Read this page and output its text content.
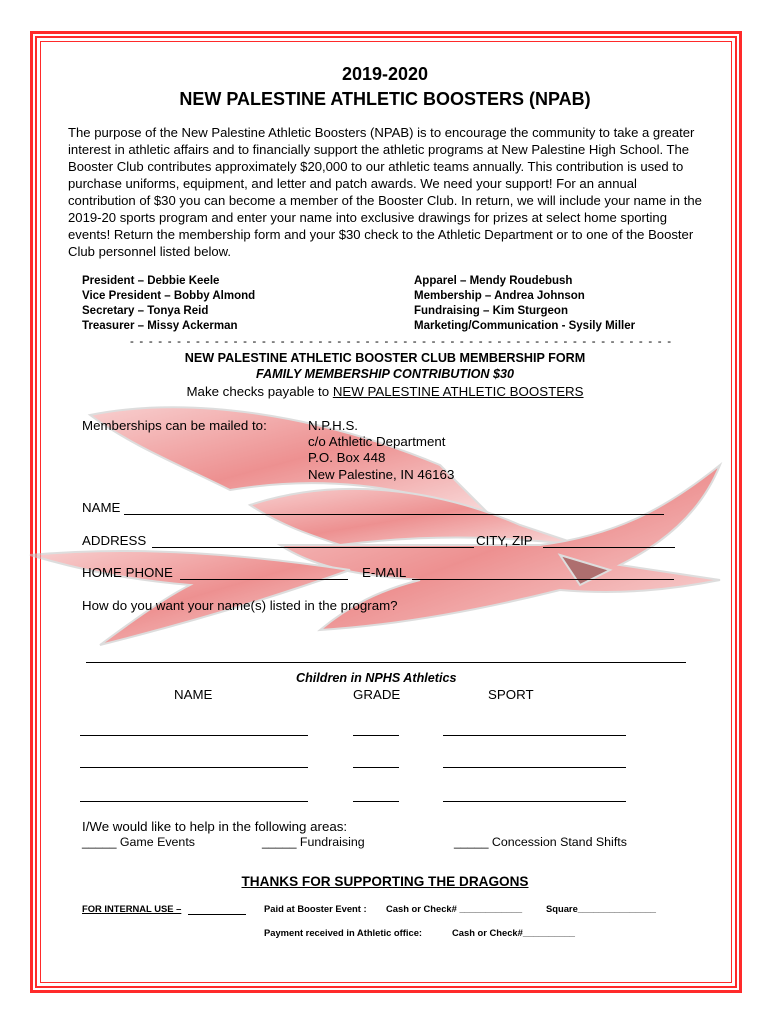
2019-2020
NEW PALESTINE ATHLETIC BOOSTERS (NPAB)
The purpose of the New Palestine Athletic Boosters (NPAB) is to encourage the community to take a greater interest in athletic affairs and to financially support the athletic programs at New Palestine High School. The Booster Club contributes approximately $20,000 to our athletic teams annually. This contribution is used to purchase uniforms, equipment, and letter and patch awards. We need your support! For an annual contribution of $30 you can become a member of the Booster Club. In return, we will include your name in the 2019-20 sports program and enter your name into exclusive drawings for prizes at select home sporting events! Return the membership form and your $30 check to the Athletic Department or to one of the Booster Club personnel listed below.
President – Debbie Keele
Vice President – Bobby Almond
Secretary – Tonya Reid
Treasurer – Missy Ackerman
Apparel – Mendy Roudebush
Membership – Andrea Johnson
Fundraising – Kim Sturgeon
Marketing/Communication - Sysily Miller
- - - - - - - - - - - - - - - - - - - - - - - - - - - - - - - - - - - - - - - - - - - - - - - - - - - - - - - - - -
NEW PALESTINE ATHLETIC BOOSTER CLUB MEMBERSHIP FORM
FAMILY MEMBERSHIP CONTRIBUTION $30
Make checks payable to NEW PALESTINE ATHLETIC BOOSTERS
Memberships can be mailed to:	N.P.H.S.
c/o Athletic Department
P.O. Box 448
New Palestine, IN 46163
NAME
ADDRESS	CITY, ZIP
HOME PHONE	E-MAIL
How do you want your name(s) listed in the program?
Children in NPHS Athletics
NAME	GRADE	SPORT
I/We would like to help in the following areas:
_____ Game Events	_____ Fundraising	_____ Concession Stand Shifts
THANKS FOR SUPPORTING THE DRAGONS
FOR INTERNAL USE –	Paid at Booster Event : Cash or Check# ____________	Square_______________
Payment received in Athletic office:	Cash or Check#__________
